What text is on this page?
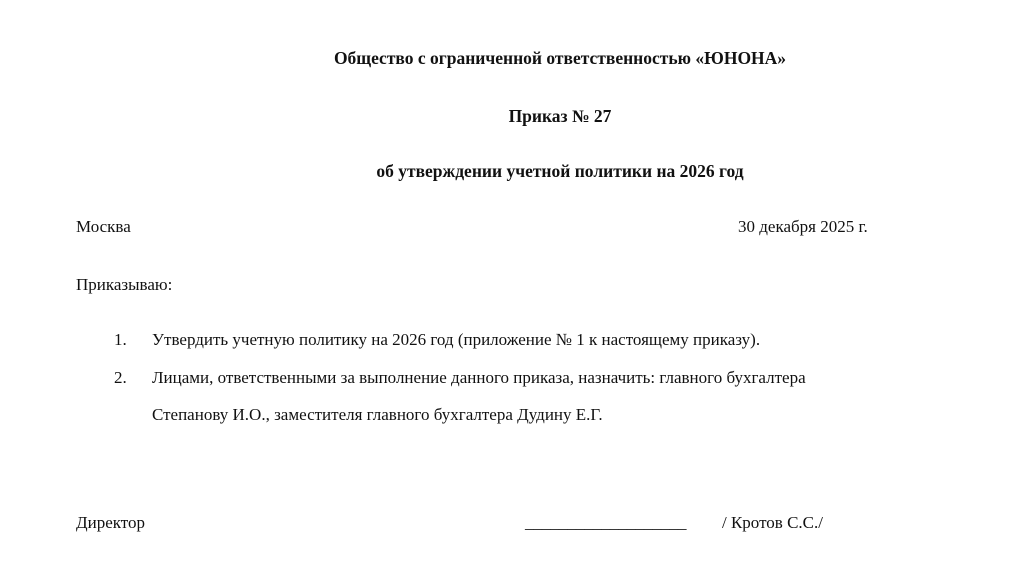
Общество с ограниченной ответственностью «ЮНОНА»
Приказ № 27
об утверждении учетной политики на 2026 год
Москва	30 декабря 2025 г.
Приказываю:
1. Утвердить учетную политику на 2026 год (приложение № 1 к настоящему приказу).
2. Лицами, ответственными за выполнение данного приказа, назначить: главного бухгалтера
Степанову И.О., заместителя главного бухгалтера Дудину Е.Г.
Директор	___________________ / Кротов С.С./
